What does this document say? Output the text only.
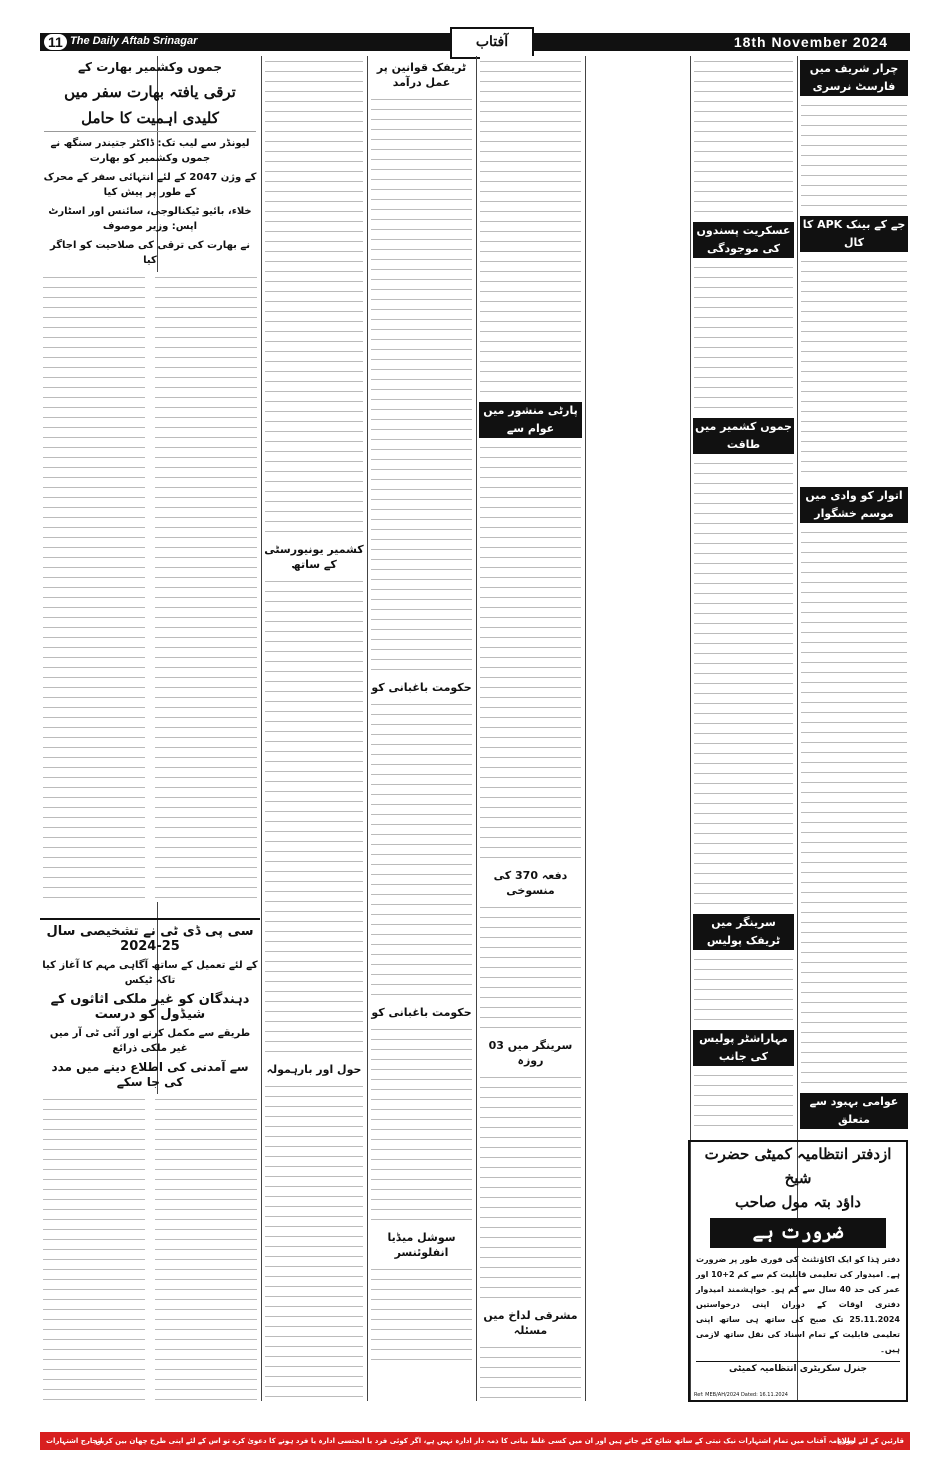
11 The Daily Aftab Srinagar	آفتاب	18th November 2024
چرار شریف میں فارسٹ نرسری
جے کے بینک APK کا کال
اتوار کو وادی میں موسم خشگوار
عوامی بہبود سے متعلق
عسکریت پسندوں کی موجودگی
جموں کشمیر میں طاقت
سرینگر میں ٹریفک پولیس
مہاراشٹر پولیس کی جانب
پارٹی منشور میں عوام سے
دفعہ 370 کی منسوخی
سرینگر میں 03 روزہ
مشرقی لداخ میں مسئلہ
ٹریفک قوانین پر عمل درآمد
حکومت باغبانی کو
حکومت باغبانی کو
سوشل میڈیا انفلوئنسر
کشمیر یونیورسٹی کے ساتھ
حول اور بارہمولہ
جموں وکشمیر بھارت کے
ترقی یافتہ بھارت سفر میں کلیدی اہمیت کا حامل
لیونڈر سے لیب تک: ڈاکٹر جتیندر سنگھ نے جموں وکشمیر کو بھارت
کے وژن 2047 کے لئے انتہائی سفر کے محرک کے طور پر پیش کیا
خلاء، بائیو ٹیکنالوجی، سائنس اور اسٹارٹ اپس: وزیر موصوف
نے بھارت کی ترقی کی صلاحیت کو اجاگر کیا
سی پی ڈی ٹی نے تشخیصی سال 25-2024
کے لئے تعمیل کے ساتھ آگاہی مہم کا آغاز کیا تاکہ ٹیکس
دہندگان کو غیر ملکی اثاثوں کے شیڈول کو درست
طریقے سے مکمل کرنے اور آئی ٹی آر میں غیر ملکی ذرائع
سے آمدنی کی اطلاع دینے میں مدد کی جا سکے
ازدفتر انتظامیہ کمیٹی حضرت شیخ
داؤد بتہ مول صاحب
ضرورت ہے
دفتر ہٰذا کو ایک اکاؤنٹنٹ کی فوری طور پر ضرورت ہے۔ امیدوار کی تعلیمی قابلیت کم سے کم 2+10 اور عمر کی حد 40 سال سے کم ہو۔ خواہشمند امیدوار دفتری اوقات کے دوران اپنی درخواستیں 25.11.2024 تک صبح کی ساتھ ہی ساتھ اپنی تعلیمی قابلیت کے تمام اسناد کی نقل ساتھ لازمی ہیں۔
جنرل سکریٹری انتظامیہ کمیٹی
Ref: MEB/AH/2024 Dated: 16.11.2024
قارئین کے لئے اطلاع
روزنامہ آفتاب میں تمام اشتہارات نیک نیتی کے ساتھ شائع کئے جاتے ہیں اور ان میں کسی غلط بیانی کا ذمہ دار ادارہ نہیں ہے، اگر کوئی فرد یا ایجنسی ادارہ یا فرد ہونے کا دعویٰ کرے تو اس کے لئے اپنی طرح چھان بین کریں
انچارج اشتہارات
